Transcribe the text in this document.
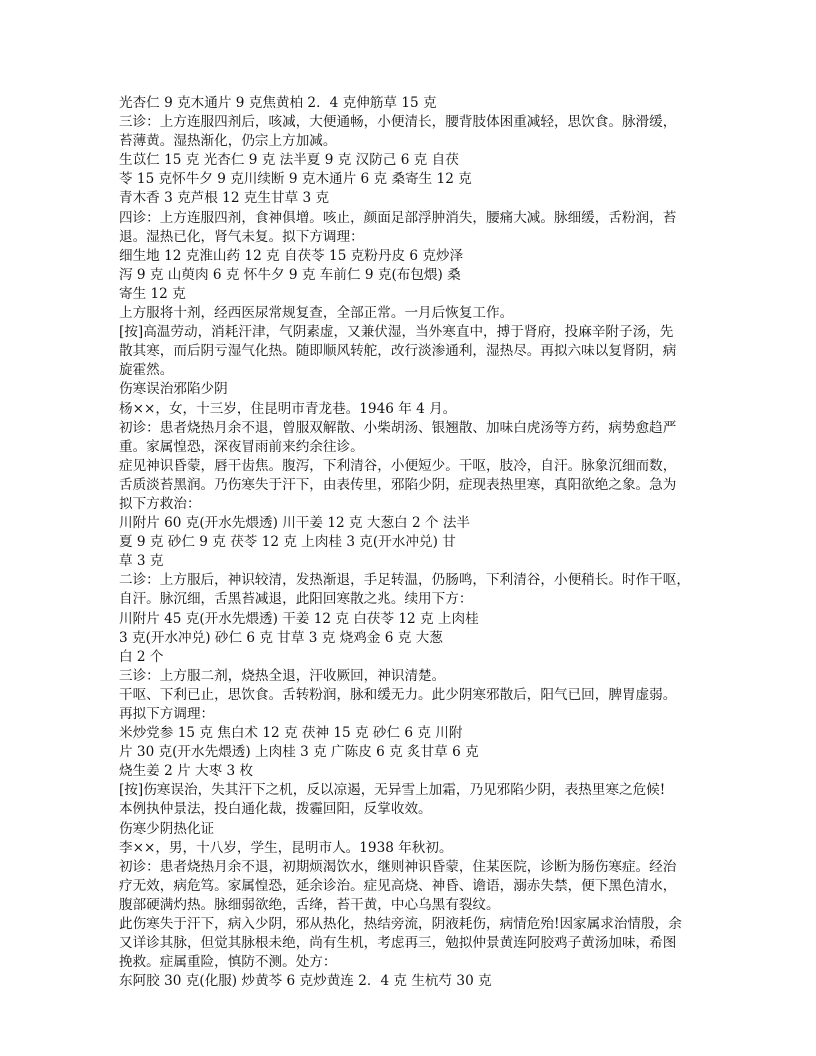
光杏仁 9 克木通片 9 克焦黄柏 2．4 克伸筋草 15 克
三诊：上方连服四剂后，咳减，大便通畅，小便清长，腰背肢体困重减轻，思饮食。脉滑缓，
苔薄黄。湿热渐化，仍宗上方加减。
生苡仁 15 克 光杏仁 9 克 法半夏 9 克 汉防己 6 克 自茯
苓 15 克怀牛夕 9 克川续断 9 克木通片 6 克 桑寄生 12 克
青木香 3 克芦根 12 克生甘草 3 克
四诊：上方连服四剂，食神俱增。咳止，颜面足部浮肿消失，腰痛大减。脉细缓，舌粉润，苔
退。湿热已化，肾气未复。拟下方调理：
细生地 12 克淮山药 12 克 自茯苓 15 克粉丹皮 6 克炒泽
泻 9 克 山萸肉 6 克 怀牛夕 9 克 车前仁 9 克(布包煨) 桑
寄生 12 克
上方服将十剂，经西医尿常规复查，全部正常。一月后恢复工作。
[按]高温劳动，消耗汗津，气阴素虚，又兼伏湿，当外寒直中，搏于肾府，投麻辛附子汤，先
散其寒，而后阴亏湿气化热。随即顺风转舵，改行淡渗通利，湿热尽。再拟六味以复肾阴，病
旋霍然。
伤寒误治邪陷少阴
杨××，女，十三岁，住昆明市青龙巷。1946 年 4 月。
初诊：患者烧热月余不退，曾服双解散、小柴胡汤、银翘散、加味白虎汤等方药，病势愈趋严
重。家属惶恐，深夜冒雨前来约余往诊。
症见神识昏蒙，唇干齿焦。腹泻，下利清谷，小便短少。干呕，肢冷，自汗。脉象沉细而数，
舌质淡苔黑润。乃伤寒失于汗下，由表传里，邪陷少阴，症现表热里寒，真阳欲绝之象。急为
拟下方救治：
川附片 60 克(开水先煨透) 川干姜 12 克 大葱白 2 个 法半
夏 9 克 砂仁 9 克 茯苓 12 克 上肉桂 3 克(开水冲兑) 甘
草 3 克
二诊：上方服后，神识较清，发热渐退，手足转温，仍肠鸣，下利清谷，小便稍长。时作干呕，
自汗。脉沉细，舌黑苔减退，此阳回寒散之兆。续用下方：
川附片 45 克(开水先煨透) 干姜 12 克 白茯苓 12 克 上肉桂
3 克(开水冲兑) 砂仁 6 克 甘草 3 克 烧鸡金 6 克 大葱
白 2 个
三诊：上方服二剂，烧热全退，汗收厥回，神识清楚。
干呕、下利已止，思饮食。舌转粉润，脉和缓无力。此少阴寒邪散后，阳气已回，脾胃虚弱。
再拟下方调理：
米炒党参 15 克 焦白术 12 克 茯神 15 克 砂仁 6 克 川附
片 30 克(开水先煨透) 上肉桂 3 克 广陈皮 6 克 炙甘草 6 克
烧生姜 2 片 大枣 3 枚
[按]伤寒误治，失其汗下之机，反以凉遏，无异雪上加霜，乃见邪陷少阴，表热里寒之危候!
本例执仲景法，投白通化裁，拨霾回阳，反掌收效。
伤寒少阴热化证
李××，男，十八岁，学生，昆明市人。1938 年秋初。
初诊：患者烧热月余不退，初期烦渴饮水，继则神识昏蒙，住某医院，诊断为肠伤寒症。经治
疗无效，病危笃。家属惶恐，延余诊治。症见高烧、神昏、谵语，溺赤失禁，便下黑色清水，
腹部硬满灼热。脉细弱欲绝，舌绛，苔干黄，中心乌黑有裂纹。
此伤寒失于汗下，病入少阴，邪从热化，热结旁流，阴液耗伤，病情危殆!因家属求治情殷，余
又详诊其脉，但觉其脉根未绝，尚有生机，考虑再三，勉拟仲景黄连阿胶鸡子黄汤加味，希图
挽救。症属重险，慎防不测。处方：
东阿胶 30 克(化服) 炒黄芩 6 克炒黄连 2．4 克 生杭芍 30 克
